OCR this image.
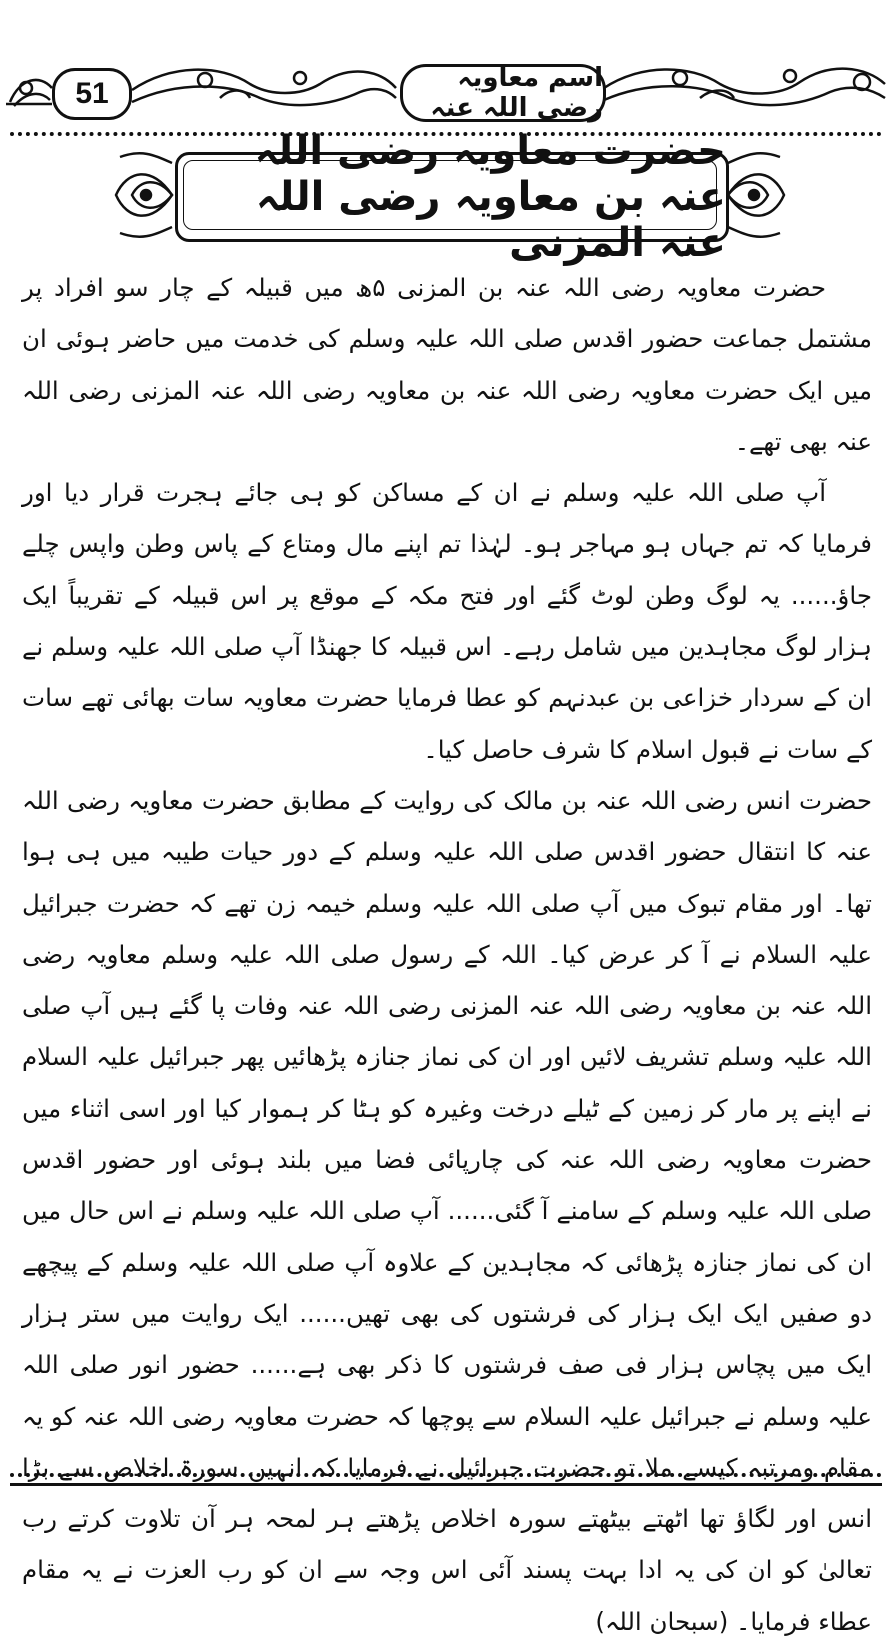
51	اسم معاویہ رضی اللہ عنہ
حضرت معاویہ رضی اللہ عنہ بن معاویہ رضی اللہ عنہ المزنی

حضرت معاویہ رضی اللہ عنہ بن المزنی ۵ھ میں قبیلہ کے چار سو افراد پر مشتمل جماعت حضور اقدس صلی اللہ علیہ وسلم کی خدمت میں حاضر ہوئی ان میں ایک حضرت معاویہ رضی اللہ عنہ بن معاویہ رضی اللہ عنہ المزنی رضی اللہ عنہ بھی تھے۔

آپ صلی اللہ علیہ وسلم نے ان کے مساکن کو ہی جائے ہجرت قرار دیا اور فرمایا کہ تم جہاں ہو مہاجر ہو۔ لہٰذا تم اپنے مال ومتاع کے پاس وطن واپس چلے جاؤ...... یہ لوگ وطن لوٹ گئے اور فتح مکہ کے موقع پر اس قبیلہ کے تقریباً ایک ہزار لوگ مجاہدین میں شامل رہے۔ اس قبیلہ کا جھنڈا آپ صلی اللہ علیہ وسلم نے ان کے سردار خزاعی بن عبدنہم کو عطا فرمایا حضرت معاویہ سات بھائی تھے سات کے سات نے قبول اسلام کا شرف حاصل کیا۔

حضرت انس رضی اللہ عنہ بن مالک کی روایت کے مطابق حضرت معاویہ رضی اللہ عنہ کا انتقال حضور اقدس صلی اللہ علیہ وسلم کے دور حیات طیبہ میں ہی ہوا تھا۔ اور مقام تبوک میں آپ صلی اللہ علیہ وسلم خیمہ زن تھے کہ حضرت جبرائیل علیہ السلام نے آ کر عرض کیا۔ اللہ کے رسول صلی اللہ علیہ وسلم معاویہ رضی اللہ عنہ بن معاویہ رضی اللہ عنہ المزنی رضی اللہ عنہ وفات پا گئے ہیں آپ صلی اللہ علیہ وسلم تشریف لائیں اور ان کی نماز جنازہ پڑھائیں پھر جبرائیل علیہ السلام نے اپنے پر مار کر زمین کے ٹیلے درخت وغیرہ کو ہٹا کر ہموار کیا اور اسی اثناء میں حضرت معاویہ رضی اللہ عنہ کی چارپائی فضا میں بلند ہوئی اور حضور اقدس صلی اللہ علیہ وسلم کے سامنے آ گئی...... آپ صلی اللہ علیہ وسلم نے اس حال میں ان کی نماز جنازہ پڑھائی کہ مجاہدین کے علاوہ آپ صلی اللہ علیہ وسلم کے پیچھے دو صفیں ایک ایک ہزار کی فرشتوں کی بھی تھیں...... ایک روایت میں ستر ہزار ایک میں پچاس ہزار فی صف فرشتوں کا ذکر بھی ہے...... حضور انور صلی اللہ علیہ وسلم نے جبرائیل علیہ السلام سے پوچھا کہ حضرت معاویہ رضی اللہ عنہ کو یہ مقام ومرتبہ کیسے ملا تو حضرت جبرائیل نے فرمایا کہ انہیں سورۃ اخلاص سے بڑا انس اور لگاؤ تھا اٹھتے بیٹھتے سورہ اخلاص پڑھتے ہر لمحہ ہر آن تلاوت کرتے رب تعالیٰ کو ان کی یہ ادا بہت پسند آئی اس وجہ سے ان کو رب العزت نے یہ مقام عطاء فرمایا۔ (سبحان اللہ)
